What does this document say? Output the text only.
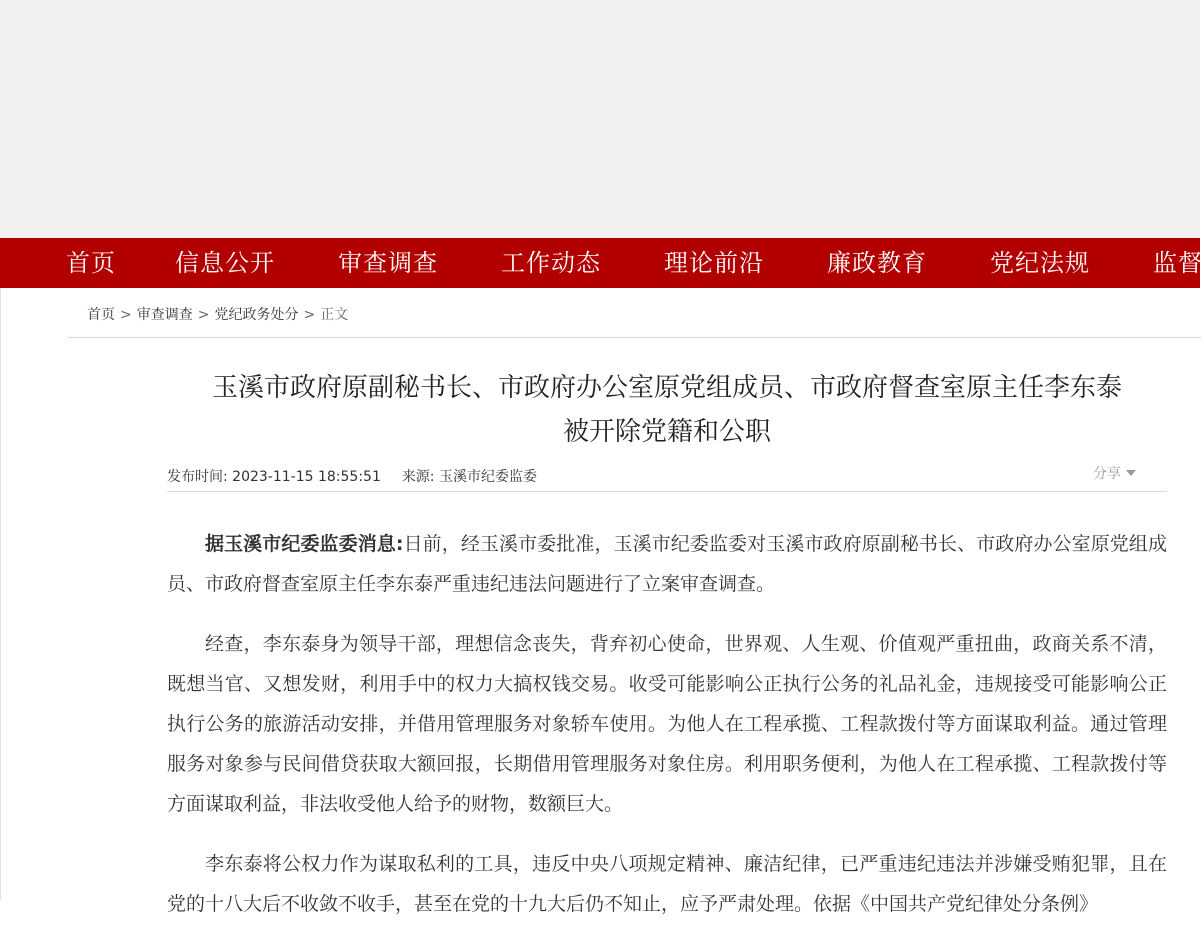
首页 信息公开	审查调查	工作动态	理论前沿	廉政教育	党纪法规	监督
首页 > 审查调查 > 党纪政务处分 > 正文
玉溪市政府原副秘书长、市政府办公室原党组成员、市政府督查室原主任李东泰
被开除党籍和公职
发布时间: 2023-11-15 18:55:51 来源: 玉溪市纪委监委	分享

据玉溪市纪委监委消息:日前，经玉溪市委批准，玉溪市纪委监委对玉溪市政府原副秘书长、市政府办公室原党组成员、市政府督查室原主任李东泰严重违纪违法问题进行了立案审查调查。

经查，李东泰身为领导干部，理想信念丧失，背弃初心使命，世界观、人生观、价值观严重扭曲，政商关系不清，既想当官、又想发财，利用手中的权力大搞权钱交易。收受可能影响公正执行公务的礼品礼金，违规接受可能影响公正执行公务的旅游活动安排，并借用管理服务对象轿车使用。为他人在工程承揽、工程款拨付等方面谋取利益。通过管理服务对象参与民间借贷获取大额回报，长期借用管理服务对象住房。利用职务便利，为他人在工程承揽、工程款拨付等方面谋取利益，非法收受他人给予的财物，数额巨大。

李东泰将公权力作为谋取私利的工具，违反中央八项规定精神、廉洁纪律，已严重违纪违法并涉嫌受贿犯罪，且在党的十八大后不收敛不收手，甚至在党的十九大后仍不知止，应予严肃处理。依据《中国共产党纪律处分条例》
